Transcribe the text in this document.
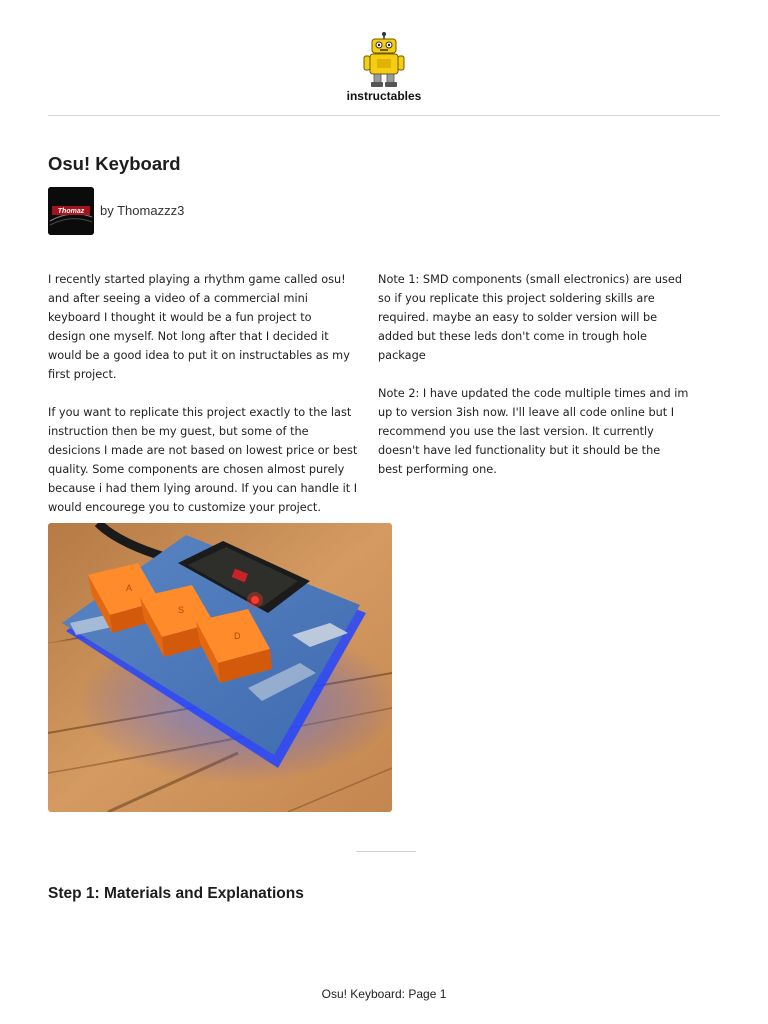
instructables
Osu! Keyboard
Thomaz by Thomazzz3

I recently started playing a rhythm game called osu!
and after seeing a video of a commercial mini
keyboard I thought it would be a fun project to
design one myself. Not long after that I decided it
would be a good idea to put it on instructables as my
first project.

If you want to replicate this project exactly to the last
instruction then be my guest, but some of the
desicions I made are not based on lowest price or best
quality. Some components are chosen almost purely
because i had them lying around. If you can handle it I
would encourege you to customize your project.

Note 1: SMD components (small electronics) are used
so if you replicate this project soldering skills are
required. maybe an easy to solder version will be
added but these leds don't come in trough hole
package

Note 2: I have updated the code multiple times and im
up to version 3ish now. I'll leave all code online but I
recommend you use the last version. It currently
doesn't have led functionality but it should be the
best performing one.

A
S
D
Step 1: Materials and Explanations
Osu! Keyboard: Page 1
